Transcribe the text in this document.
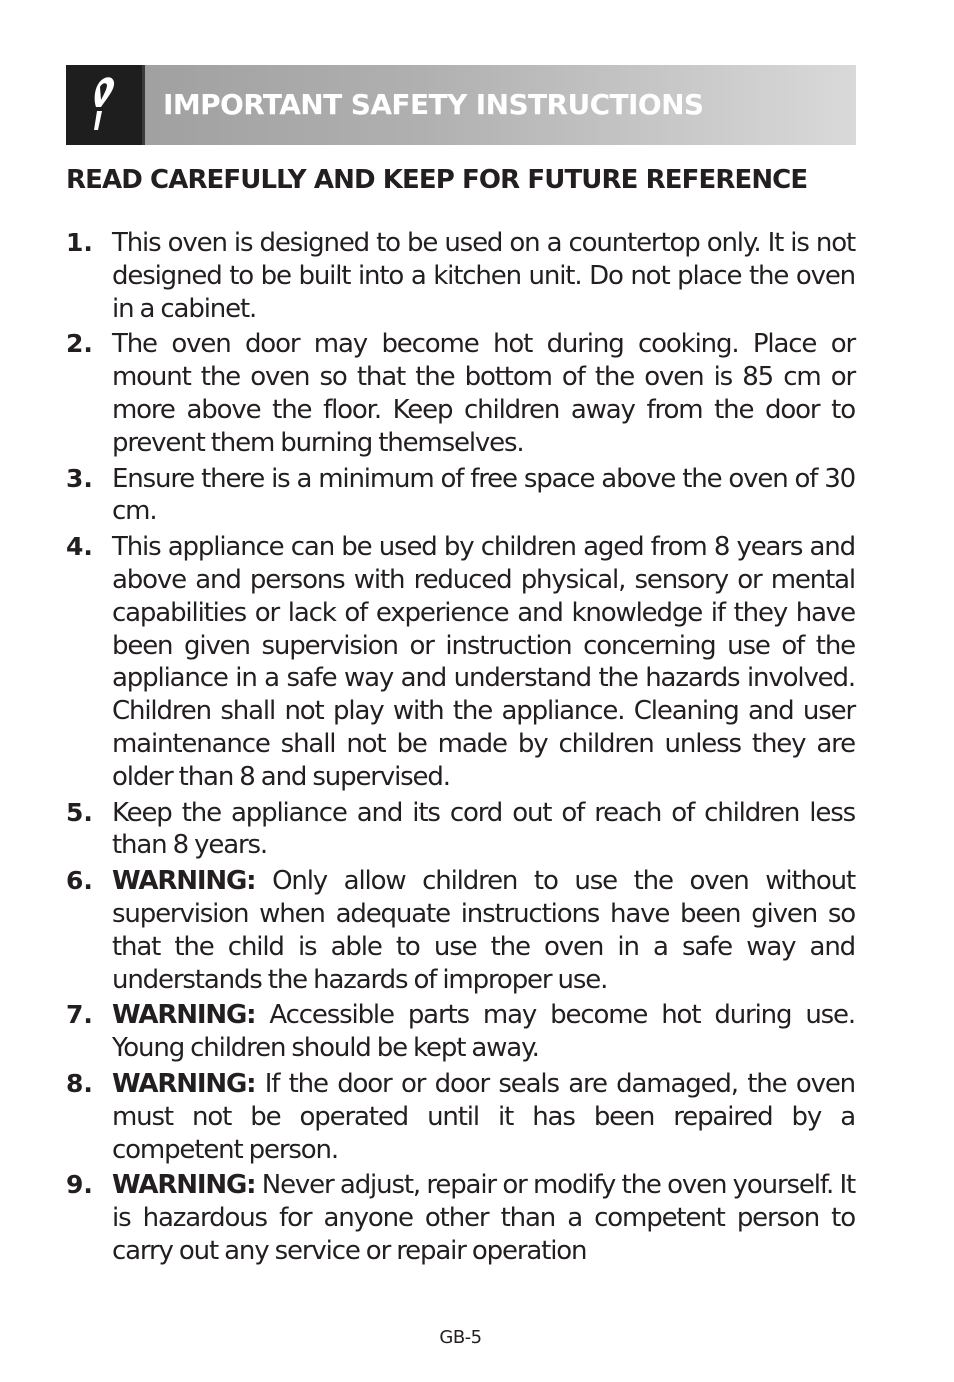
IMPORTANT SAFETY INSTRUCTIONS
READ CAREFULLY AND KEEP FOR FUTURE REFERENCE
1. This oven is designed to be used on a countertop only. It is not designed to be built into a kitchen unit. Do not place the oven in a cabinet.
2. The oven door may become hot during cooking. Place or mount the oven so that the bottom of the oven is 85 cm or more above the floor. Keep children away from the door to prevent them burning themselves.
3. Ensure there is a minimum of free space above the oven of 30 cm.
4. This appliance can be used by children aged from 8 years and above and persons with reduced physical, sensory or mental capabilities or lack of experience and knowledge if they have been given supervision or instruction concerning use of the appliance in a safe way and understand the hazards involved. Children shall not play with the appliance. Cleaning and user maintenance shall not be made by children unless they are older than 8 and supervised.
5. Keep the appliance and its cord out of reach of children less than 8 years.
6. WARNING: Only allow children to use the oven without supervision when adequate instructions have been given so that the child is able to use the oven in a safe way and understands the hazards of improper use.
7. WARNING: Accessible parts may become hot during use. Young children should be kept away.
8. WARNING: If the door or door seals are damaged, the oven must not be operated until it has been repaired by a competent person.
9. WARNING: Never adjust, repair or modify the oven yourself. It is hazardous for anyone other than a competent person to carry out any service or repair operation
GB-5
